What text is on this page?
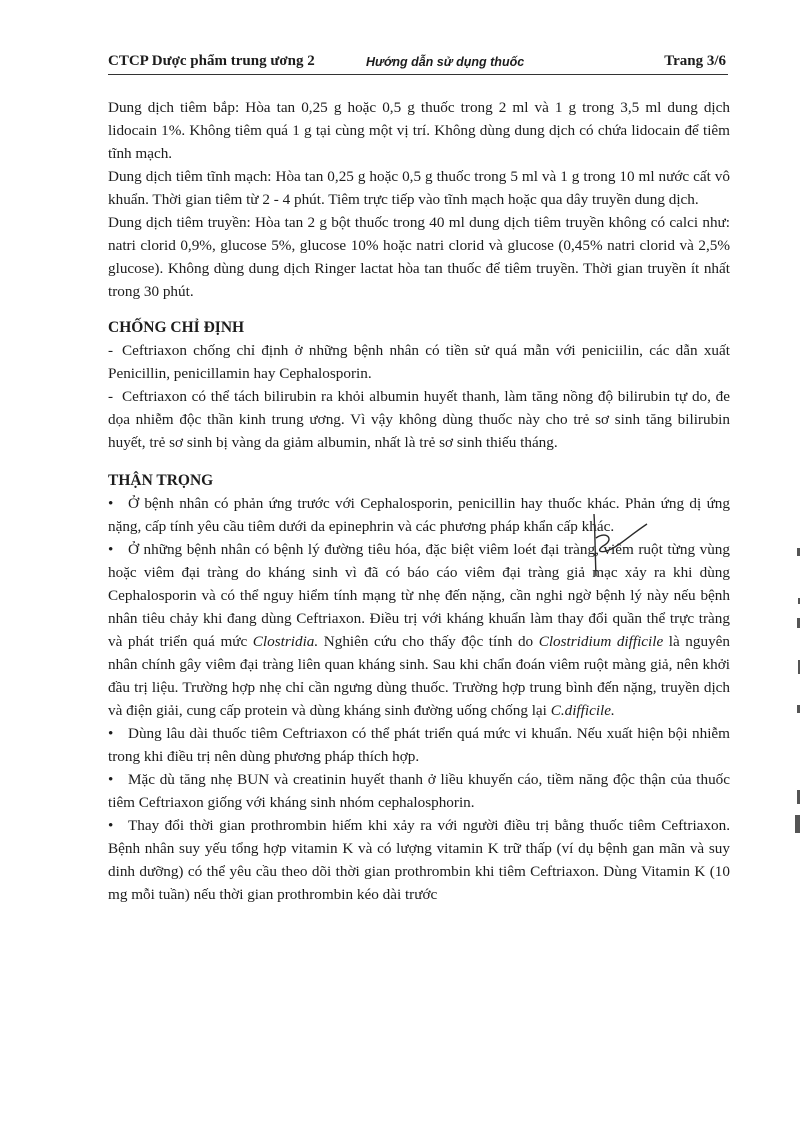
CTCP Dược phẩm trung ương 2	Hướng dẫn sử dụng thuốc	Trang 3/6

Dung dịch tiêm bắp: Hòa tan 0,25 g hoặc 0,5 g thuốc trong 2 ml và 1 g trong 3,5 ml dung dịch lidocain 1%. Không tiêm quá 1 g tại cùng một vị trí. Không dùng dung dịch có chứa lidocain để tiêm tĩnh mạch.

Dung dịch tiêm tĩnh mạch: Hòa tan 0,25 g hoặc 0,5 g thuốc trong 5 ml và 1 g trong 10 ml nước cất vô khuẩn. Thời gian tiêm từ 2 - 4 phút. Tiêm trực tiếp vào tĩnh mạch hoặc qua dây truyền dung dịch.

Dung dịch tiêm truyền: Hòa tan 2 g bột thuốc trong 40 ml dung dịch tiêm truyền không có calci như: natri clorid 0,9%, glucose 5%, glucose 10% hoặc natri clorid và glucose (0,45% natri clorid và 2,5% glucose). Không dùng dung dịch Ringer lactat hòa tan thuốc để tiêm truyền. Thời gian truyền ít nhất trong 30 phút.

CHỐNG CHỈ ĐỊNH

- Ceftriaxon chống chỉ định ở những bệnh nhân có tiền sử quá mẫn với peniciilin, các dẫn xuất Penicillin, penicillamin hay Cephalosporin.

- Ceftriaxon có thể tách bilirubin ra khỏi albumin huyết thanh, làm tăng nồng độ bilirubin tự do, đe dọa nhiễm độc thần kinh trung ương. Vì vậy không dùng thuốc này cho trẻ sơ sinh tăng bilirubin huyết, trẻ sơ sinh bị vàng da giảm albumin, nhất là trẻ sơ sinh thiếu tháng.

THẬN TRỌNG

• Ở bệnh nhân có phản ứng trước với Cephalosporin, penicillin hay thuốc khác. Phản ứng dị ứng nặng, cấp tính yêu cầu tiêm dưới da epinephrin và các phương pháp khẩn cấp khác.

• Ở những bệnh nhân có bệnh lý đường tiêu hóa, đặc biệt viêm loét đại tràng, viêm ruột từng vùng hoặc viêm đại tràng do kháng sinh vì đã có báo cáo viêm đại tràng giả mạc xảy ra khi dùng Cephalosporin và có thể nguy hiểm tính mạng từ nhẹ đến nặng, cần nghi ngờ bệnh lý này nếu bệnh nhân tiêu chảy khi đang dùng Ceftriaxon. Điều trị với kháng khuẩn làm thay đổi quần thể trực tràng và phát triển quá mức Clostridia. Nghiên cứu cho thấy độc tính do Clostridium difficile là nguyên nhân chính gây viêm đại tràng liên quan kháng sinh. Sau khi chẩn đoán viêm ruột màng giả, nên khởi đầu trị liệu. Trường hợp nhẹ chỉ cần ngưng dùng thuốc. Trường hợp trung bình đến nặng, truyền dịch và điện giải, cung cấp protein và dùng kháng sinh đường uống chống lại C.difficile.

• Dùng lâu dài thuốc tiêm Ceftriaxon có thể phát triển quá mức vi khuẩn. Nếu xuất hiện bội nhiễm trong khi điều trị nên dùng phương pháp thích hợp.

• Mặc dù tăng nhẹ BUN và creatinin huyết thanh ở liều khuyến cáo, tiềm năng độc thận của thuốc tiêm Ceftriaxon giống với kháng sinh nhóm cephalosphorin.

• Thay đổi thời gian prothrombin hiếm khi xảy ra với người điều trị bằng thuốc tiêm Ceftriaxon. Bệnh nhân suy yếu tổng hợp vitamin K và có lượng vitamin K trữ thấp (ví dụ bệnh gan mãn và suy dinh dưỡng) có thể yêu cầu theo dõi thời gian prothrombin khi tiêm Ceftriaxon. Dùng Vitamin K (10 mg mỗi tuần) nếu thời gian prothrombin kéo dài trước
